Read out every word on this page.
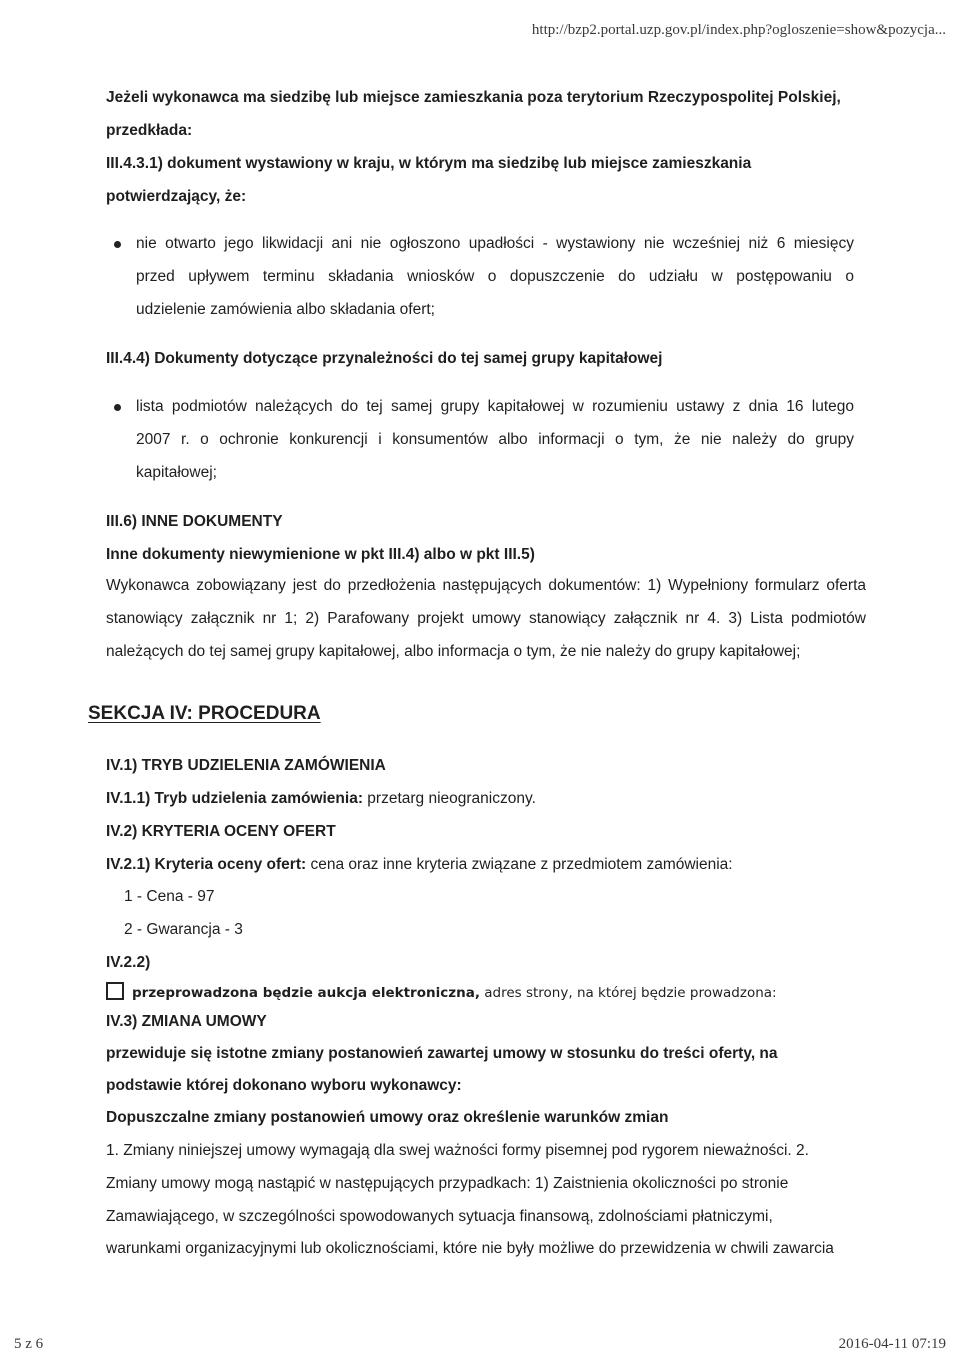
http://bzp2.portal.uzp.gov.pl/index.php?ogloszenie=show&pozycja...
Jeżeli wykonawca ma siedzibę lub miejsce zamieszkania poza terytorium Rzeczypospolitej Polskiej,
przedkłada:
III.4.3.1) dokument wystawiony w kraju, w którym ma siedzibę lub miejsce zamieszkania
potwierdzający, że:
nie otwarto jego likwidacji ani nie ogłoszono upadłości - wystawiony nie wcześniej niż 6 miesięcy
przed upływem terminu składania wniosków o dopuszczenie do udziału w postępowaniu o
udzielenie zamówienia albo składania ofert;
III.4.4) Dokumenty dotyczące przynależności do tej samej grupy kapitałowej
lista podmiotów należących do tej samej grupy kapitałowej w rozumieniu ustawy z dnia 16 lutego
2007 r. o ochronie konkurencji i konsumentów albo informacji o tym, że nie należy do grupy
kapitałowej;
III.6) INNE DOKUMENTY
Inne dokumenty niewymienione w pkt III.4) albo w pkt III.5)
Wykonawca zobowiązany jest do przedłożenia następujących dokumentów: 1) Wypełniony formularz oferta
stanowiący załącznik nr 1; 2) Parafowany projekt umowy stanowiący załącznik nr 4. 3) Lista podmiotów
należących do tej samej grupy kapitałowej, albo informacja o tym, że nie należy do grupy kapitałowej;
SEKCJA IV: PROCEDURA
IV.1) TRYB UDZIELENIA ZAMÓWIENIA
IV.1.1) Tryb udzielenia zamówienia: przetarg nieograniczony.
IV.2) KRYTERIA OCENY OFERT
IV.2.1) Kryteria oceny ofert: cena oraz inne kryteria związane z przedmiotem zamówienia:
1 - Cena - 97
2 - Gwarancja - 3
IV.2.2)
przeprowadzona będzie aukcja elektroniczna, adres strony, na której będzie prowadzona:
IV.3) ZMIANA UMOWY
przewiduje się istotne zmiany postanowień zawartej umowy w stosunku do treści oferty, na
podstawie której dokonano wyboru wykonawcy:
Dopuszczalne zmiany postanowień umowy oraz określenie warunków zmian
1. Zmiany niniejszej umowy wymagają dla swej ważności formy pisemnej pod rygorem nieważności. 2.
Zmiany umowy mogą nastąpić w następujących przypadkach: 1) Zaistnienia okoliczności po stronie
Zamawiającego, w szczególności spowodowanych sytuacja finansową, zdolnościami płatniczymi,
warunkami organizacyjnymi lub okolicznościami, które nie były możliwe do przewidzenia w chwili zawarcia
5 z 6	2016-04-11 07:19
